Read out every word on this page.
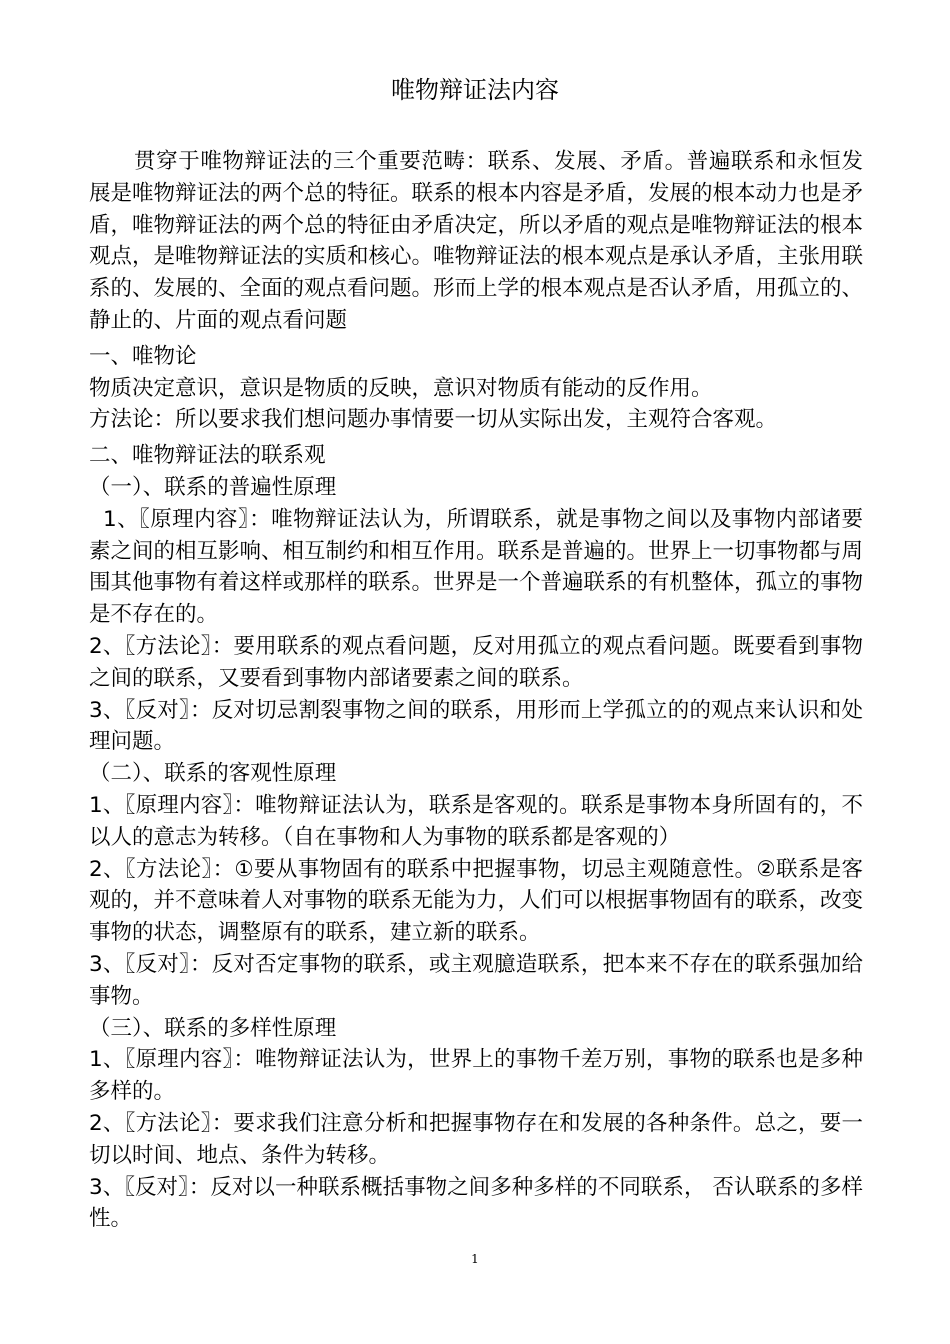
唯物辩证法内容

贯穿于唯物辩证法的三个重要范畴：联系、发展、矛盾。普遍联系和永恒发展是唯物辩证法的两个总的特征。联系的根本内容是矛盾，发展的根本动力也是矛盾，唯物辩证法的两个总的特征由矛盾决定，所以矛盾的观点是唯物辩证法的根本观点，是唯物辩证法的实质和核心。唯物辩证法的根本观点是承认矛盾，主张用联系的、发展的、全面的观点看问题。形而上学的根本观点是否认矛盾，用孤立的、静止的、片面的观点看问题

一、唯物论

物质决定意识，意识是物质的反映，意识对物质有能动的反作用。

方法论：所以要求我们想问题办事情要一切从实际出发，主观符合客观。

二、唯物辩证法的联系观

（一）、联系的普遍性原理

1、〖原理内容〗：唯物辩证法认为，所谓联系，就是事物之间以及事物内部诸要素之间的相互影响、相互制约和相互作用。联系是普遍的。世界上一切事物都与周围其他事物有着这样或那样的联系。世界是一个普遍联系的有机整体，孤立的事物是不存在的。

2、〖方法论〗：要用联系的观点看问题，反对用孤立的观点看问题。既要看到事物之间的联系，又要看到事物内部诸要素之间的联系。

3、〖反对〗：反对切忌割裂事物之间的联系，用形而上学孤立的的观点来认识和处理问题。

（二）、联系的客观性原理

1、〖原理内容〗：唯物辩证法认为，联系是客观的。联系是事物本身所固有的，不以人的意志为转移。（自在事物和人为事物的联系都是客观的）

2、〖方法论〗：①要从事物固有的联系中把握事物，切忌主观随意性。②联系是客观的，并不意味着人对事物的联系无能为力，人们可以根据事物固有的联系，改变事物的状态，调整原有的联系，建立新的联系。

3、〖反对〗：反对否定事物的联系，或主观臆造联系，把本来不存在的联系强加给事物。

（三）、联系的多样性原理

1、〖原理内容〗：唯物辩证法认为，世界上的事物千差万别，事物的联系也是多种多样的。

2、〖方法论〗：要求我们注意分析和把握事物存在和发展的各种条件。总之，要一切以时间、地点、条件为转移。

3、〖反对〗：反对以一种联系概括事物之间多种多样的不同联系， 否认联系的多样性。

1
